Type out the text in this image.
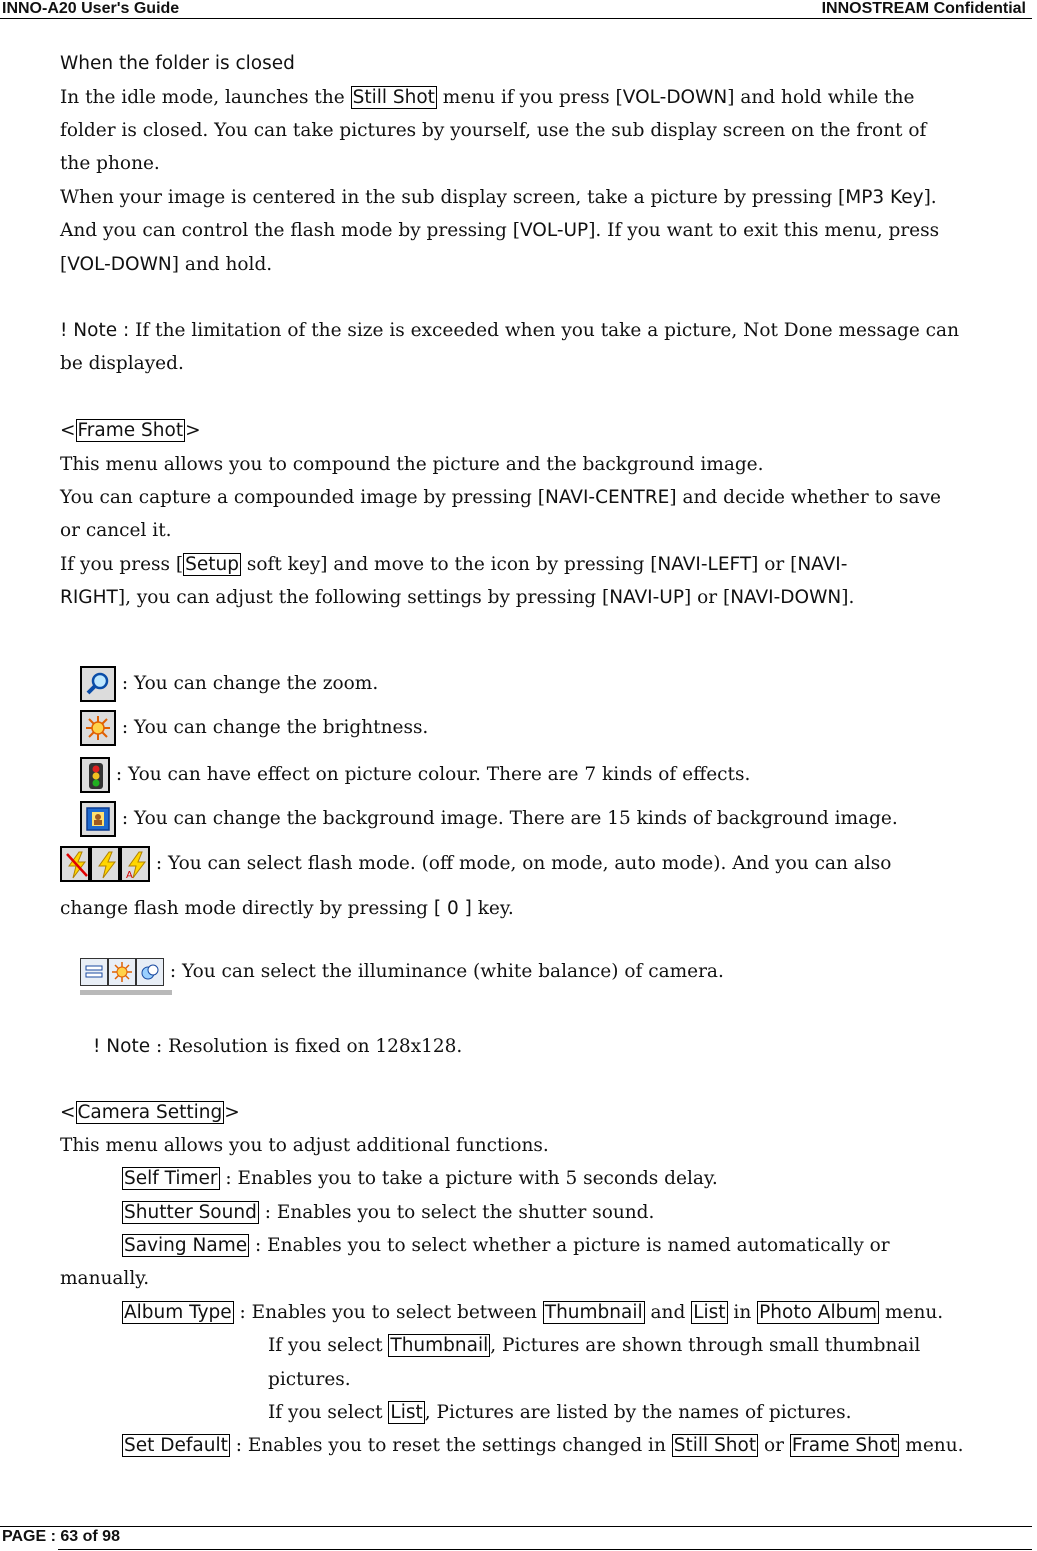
INNO-A20 User's Guide	INNOSTREAM Confidential
When the folder is closed
In the idle mode, launches the Still Shot menu if you press [VOL-DOWN] and hold while the
folder is closed. You can take pictures by yourself, use the sub display screen on the front of
the phone.
When your image is centered in the sub display screen, take a picture by pressing [MP3 Key].
And you can control the flash mode by pressing [VOL-UP]. If you want to exit this menu, press
[VOL-DOWN] and hold.
! Note : If the limitation of the size is exceeded when you take a picture, Not Done message can
be displayed.
< Frame Shot >
This menu allows you to compound the picture and the background image.
You can capture a compounded image by pressing [NAVI-CENTRE] and decide whether to save
or cancel it.
If you press [ Setup soft key] and move to the icon by pressing [NAVI-LEFT] or [NAVI-
RIGHT], you can adjust the following settings by pressing [NAVI-UP] or [NAVI-DOWN].
: You can change the zoom.
: You can change the brightness.
: You can have effect on picture colour. There are 7 kinds of effects.
: You can change the background image. There are 15 kinds of background image.
A
: You can select flash mode. (off mode, on mode, auto mode). And you can also
change flash mode directly by pressing [ 0 ] key.
: You can select the illuminance (white balance) of camera.
! Note : Resolution is fixed on 128x128.
< Camera Setting >
This menu allows you to adjust additional functions.
Self Timer : Enables you to take a picture with 5 seconds delay.
Shutter Sound : Enables you to select the shutter sound.
Saving Name : Enables you to select whether a picture is named automatically or
manually.
Album Type : Enables you to select between Thumbnail and List in Photo Album menu.
If you select Thumbnail , Pictures are shown through small thumbnail
pictures.
If you select List , Pictures are listed by the names of pictures.
Set Default : Enables you to reset the settings changed in Still Shot or Frame Shot menu.
PAGE : 63 of 98
